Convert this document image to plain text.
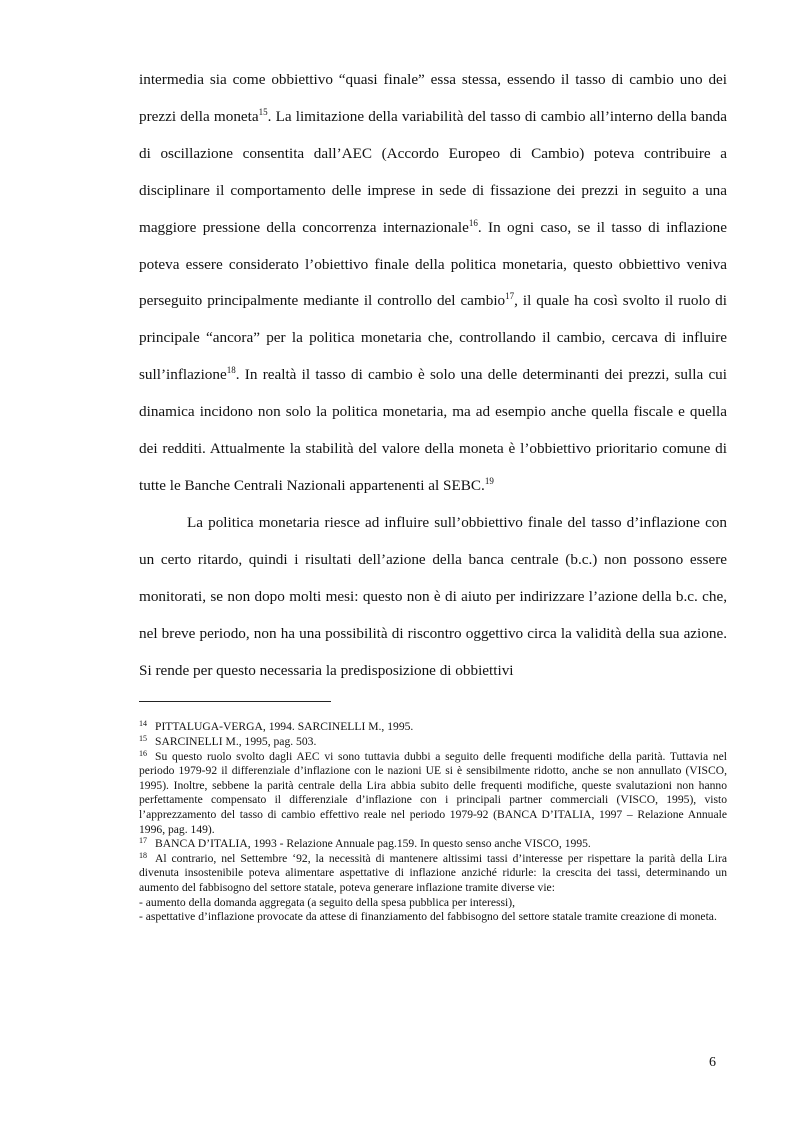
intermedia sia come obbiettivo “quasi finale” essa stessa, essendo il tasso di cambio uno dei prezzi della moneta$^{15}$. La limitazione della variabilità del tasso di cambio all’interno della banda di oscillazione consentita dall’AEC (Accordo Europeo di Cambio) poteva contribuire a disciplinare il comportamento delle imprese in sede di fissazione dei prezzi in seguito a una maggiore pressione della concorrenza internazionale$^{16}$. In ogni caso, se il tasso di inflazione poteva essere considerato l’obiettivo finale della politica monetaria, questo obbiettivo veniva perseguito principalmente mediante il controllo del cambio$^{17}$, il quale ha così svolto il ruolo di principale “ancora” per la politica monetaria che, controllando il cambio, cercava di influire sull’inflazione$^{18}$. In realtà il tasso di cambio è solo una delle determinanti dei prezzi, sulla cui dinamica incidono non solo la politica monetaria, ma ad esempio anche quella fiscale e quella dei redditi. Attualmente la stabilità del valore della moneta è l’obbiettivo prioritario comune di tutte le Banche Centrali Nazionali appartenenti al SEBC.$^{19}$

La politica monetaria riesce ad influire sull’obbiettivo finale del tasso d’inflazione con un certo ritardo, quindi i risultati dell’azione della banca centrale (b.c.) non possono essere monitorati, se non dopo molti mesi: questo non è di aiuto per indirizzare l’azione della b.c. che, nel breve periodo, non ha una possibilità di riscontro oggettivo circa la validità della sua azione. Si rende per questo necessaria la predisposizione di obbiettivi

$^{14}$ PITTALUGA-VERGA, 1994. SARCINELLI M., 1995.
$^{15}$ SARCINELLI M., 1995, pag. 503.
$^{16}$ Su questo ruolo svolto dagli AEC vi sono tuttavia dubbi a seguito delle frequenti modifiche della parità. Tuttavia nel periodo 1979-92 il differenziale d’inflazione con le nazioni UE si è sensibilmente ridotto, anche se non annullato (VISCO, 1995). Inoltre, sebbene la parità centrale della Lira abbia subito delle frequenti modifiche, queste svalutazioni non hanno perfettamente compensato il differenziale d’inflazione con i principali partner commerciali (VISCO, 1995), visto l’apprezzamento del tasso di cambio effettivo reale nel periodo 1979-92 (BANCA D’ITALIA, 1997 – Relazione Annuale 1996, pag. 149).
$^{17}$ BANCA D’ITALIA, 1993 - Relazione Annuale pag.159. In questo senso anche VISCO, 1995.
$^{18}$ Al contrario, nel Settembre ‘92, la necessità di mantenere altissimi tassi d’interesse per rispettare la parità della Lira divenuta insostenibile poteva alimentare aspettative di inflazione anziché ridurle: la crescita dei tassi, determinando un aumento del fabbisogno del settore statale, poteva generare inflazione tramite diverse vie:
- aumento della domanda aggregata (a seguito della spesa pubblica per interessi),
- aspettative d’inflazione provocate da attese di finanziamento del fabbisogno del settore statale tramite creazione di moneta.
6
